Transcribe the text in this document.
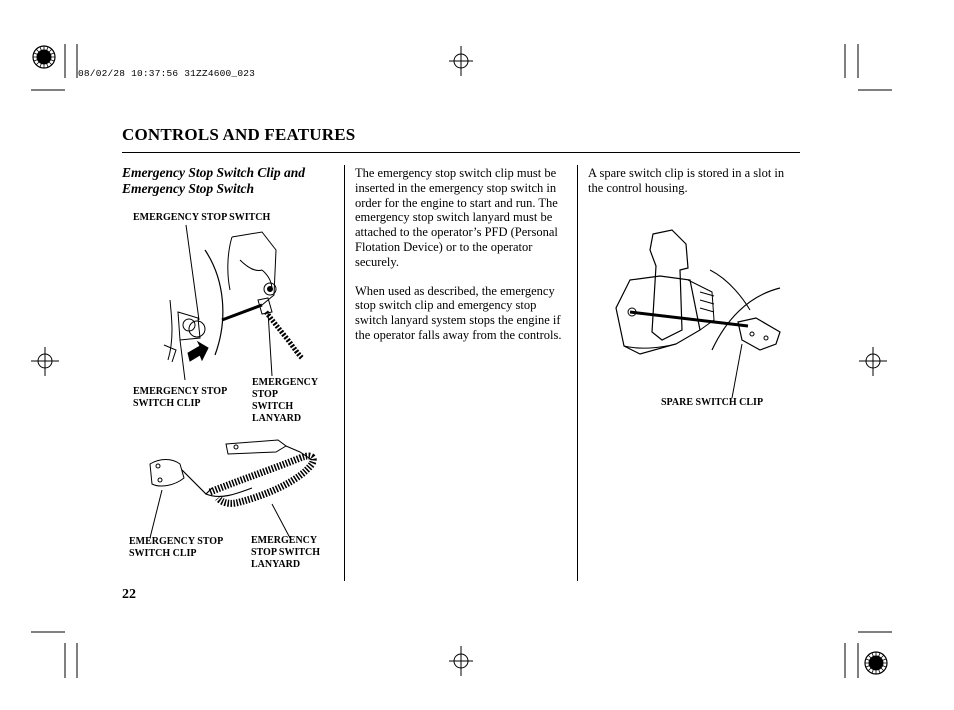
08/02/28 10:37:56 31ZZ4600_023
CONTROLS AND FEATURES
Emergency Stop Switch Clip and
Emergency Stop Switch
EMERGENCY STOP SWITCH
EMERGENCY STOP
SWITCH CLIP
EMERGENCY
STOP
SWITCH
LANYARD
EMERGENCY STOP
SWITCH CLIP
EMERGENCY
STOP SWITCH
LANYARD

The emergency stop switch clip must be inserted in the emergency stop switch in order for the engine to start and run. The emergency stop switch lanyard must be attached to the operator’s PFD (Personal Flotation Device) or to the operator securely.

When used as described, the emergency stop switch clip and emergency stop switch lanyard system stops the engine if the operator falls away from the controls.

A spare switch clip is stored in a slot in the control housing.

SPARE SWITCH CLIP
22
